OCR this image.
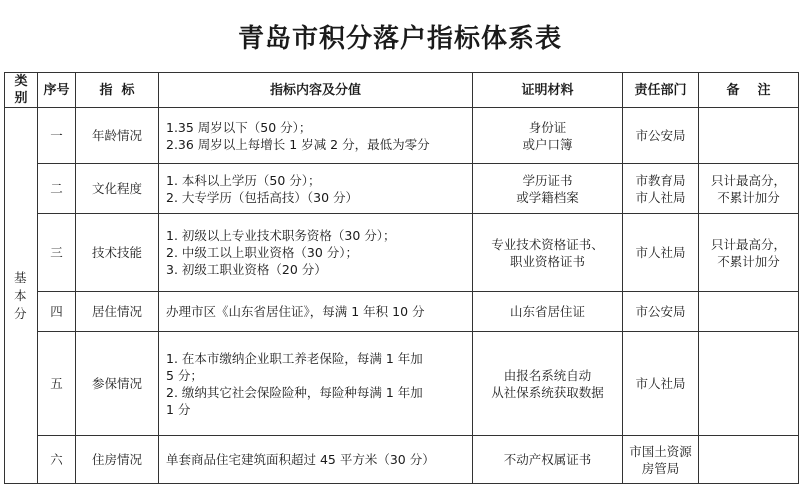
青岛市积分落户指标体系表
类别	序号	指  标	指标内容及分值	证明材料	责任部门	备    注
基本分	一	年龄情况	1.35 周岁以下（50 分）；
2.36 周岁以上每增长 1 岁减 2 分，最低为零分	身份证
或户口簿	市公安局	

	二	文化程度	1. 本科以上学历（50 分）；
2. 大专学历（包括高技）（30 分）	学历证书
或学籍档案	市教育局
市人社局	只计最高分，
不累计加分

	三	技术技能	1. 初级以上专业技术职务资格（30 分）；
2. 中级工以上职业资格（30 分）；
3. 初级工职业资格（20 分）	专业技术资格证书、
职业资格证书	市人社局	只计最高分，
不累计加分

	四	居住情况	办理市区《山东省居住证》，每满 1 年积 10 分	山东省居住证	市公安局	

	五	参保情况	1. 在本市缴纳企业职工养老保险，每满 1 年加
5 分；
2. 缴纳其它社会保险险种，每险种每满 1 年加
1 分	由报名系统自动
从社保系统获取数据	市人社局	

	六	住房情况	单套商品住宅建筑面积超过 45 平方米（30 分）	不动产权属证书	市国土资源
房管局	
